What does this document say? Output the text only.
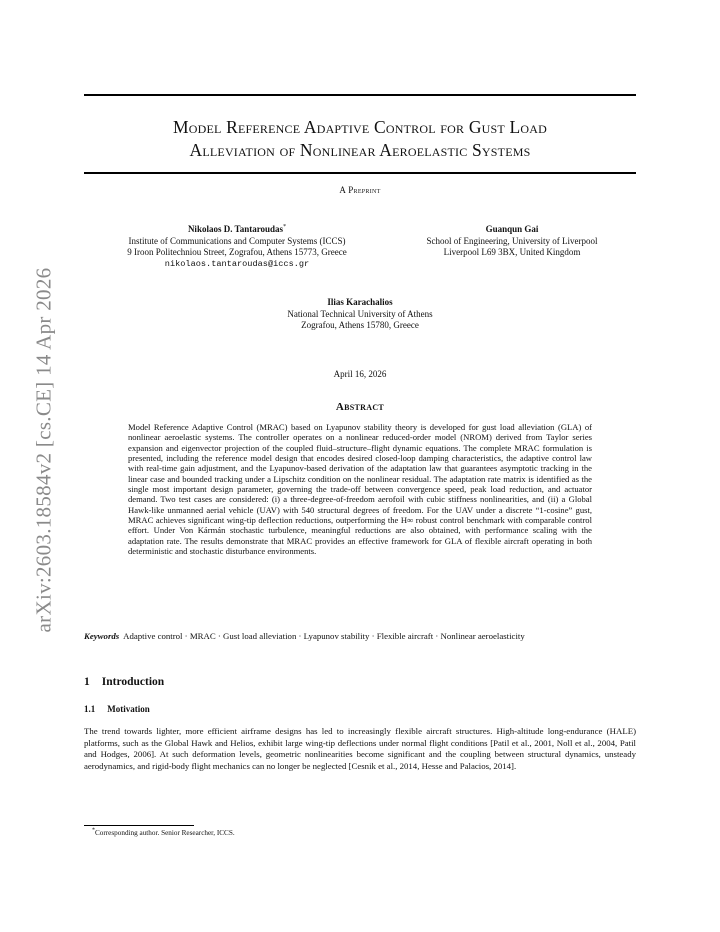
arXiv:2603.18584v2 [cs.CE] 14 Apr 2026
Model Reference Adaptive Control for Gust Load
Alleviation of Nonlinear Aeroelastic Systems
A Preprint
Nikolaos D. Tantaroudas*
Institute of Communications and Computer Systems (ICCS)
9 Iroon Politechniou Street, Zografou, Athens 15773, Greece
nikolaos.tantaroudas@iccs.gr
Guanqun Gai
School of Engineering, University of Liverpool
Liverpool L69 3BX, United Kingdom
Ilias Karachalios
National Technical University of Athens
Zografou, Athens 15780, Greece
April 16, 2026
Abstract
Model Reference Adaptive Control (MRAC) based on Lyapunov stability theory is developed for gust load alleviation (GLA) of nonlinear aeroelastic systems. The controller operates on a nonlinear reduced-order model (NROM) derived from Taylor series expansion and eigenvector projection of the coupled fluid–structure–flight dynamic equations. The complete MRAC formulation is presented, including the reference model design that encodes desired closed-loop damping characteristics, the adaptive control law with real-time gain adjustment, and the Lyapunov-based derivation of the adaptation law that guarantees asymptotic tracking in the linear case and bounded tracking under a Lipschitz condition on the nonlinear residual. The adaptation rate matrix is identified as the single most important design parameter, governing the trade-off between convergence speed, peak load reduction, and actuator demand. Two test cases are considered: (i) a three-degree-of-freedom aerofoil with cubic stiffness nonlinearities, and (ii) a Global Hawk-like unmanned aerial vehicle (UAV) with 540 structural degrees of freedom. For the UAV under a discrete “1-cosine” gust, MRAC achieves significant wing-tip deflection reductions, outperforming the H∞ robust control benchmark with comparable control effort. Under Von Kármán stochastic turbulence, meaningful reductions are also obtained, with performance scaling with the adaptation rate. The results demonstrate that MRAC provides an effective framework for GLA of flexible aircraft operating in both deterministic and stochastic disturbance environments.
Keywords Adaptive control · MRAC · Gust load alleviation · Lyapunov stability · Flexible aircraft · Nonlinear aeroelasticity
1 Introduction
1.1 Motivation
The trend towards lighter, more efficient airframe designs has led to increasingly flexible aircraft structures. High-altitude long-endurance (HALE) platforms, such as the Global Hawk and Helios, exhibit large wing-tip deflections under normal flight conditions [Patil et al., 2001, Noll et al., 2004, Patil and Hodges, 2006]. At such deformation levels, geometric nonlinearities become significant and the coupling between structural dynamics, unsteady aerodynamics, and rigid-body flight mechanics can no longer be neglected [Cesnik et al., 2014, Hesse and Palacios, 2014].
*Corresponding author. Senior Researcher, ICCS.
